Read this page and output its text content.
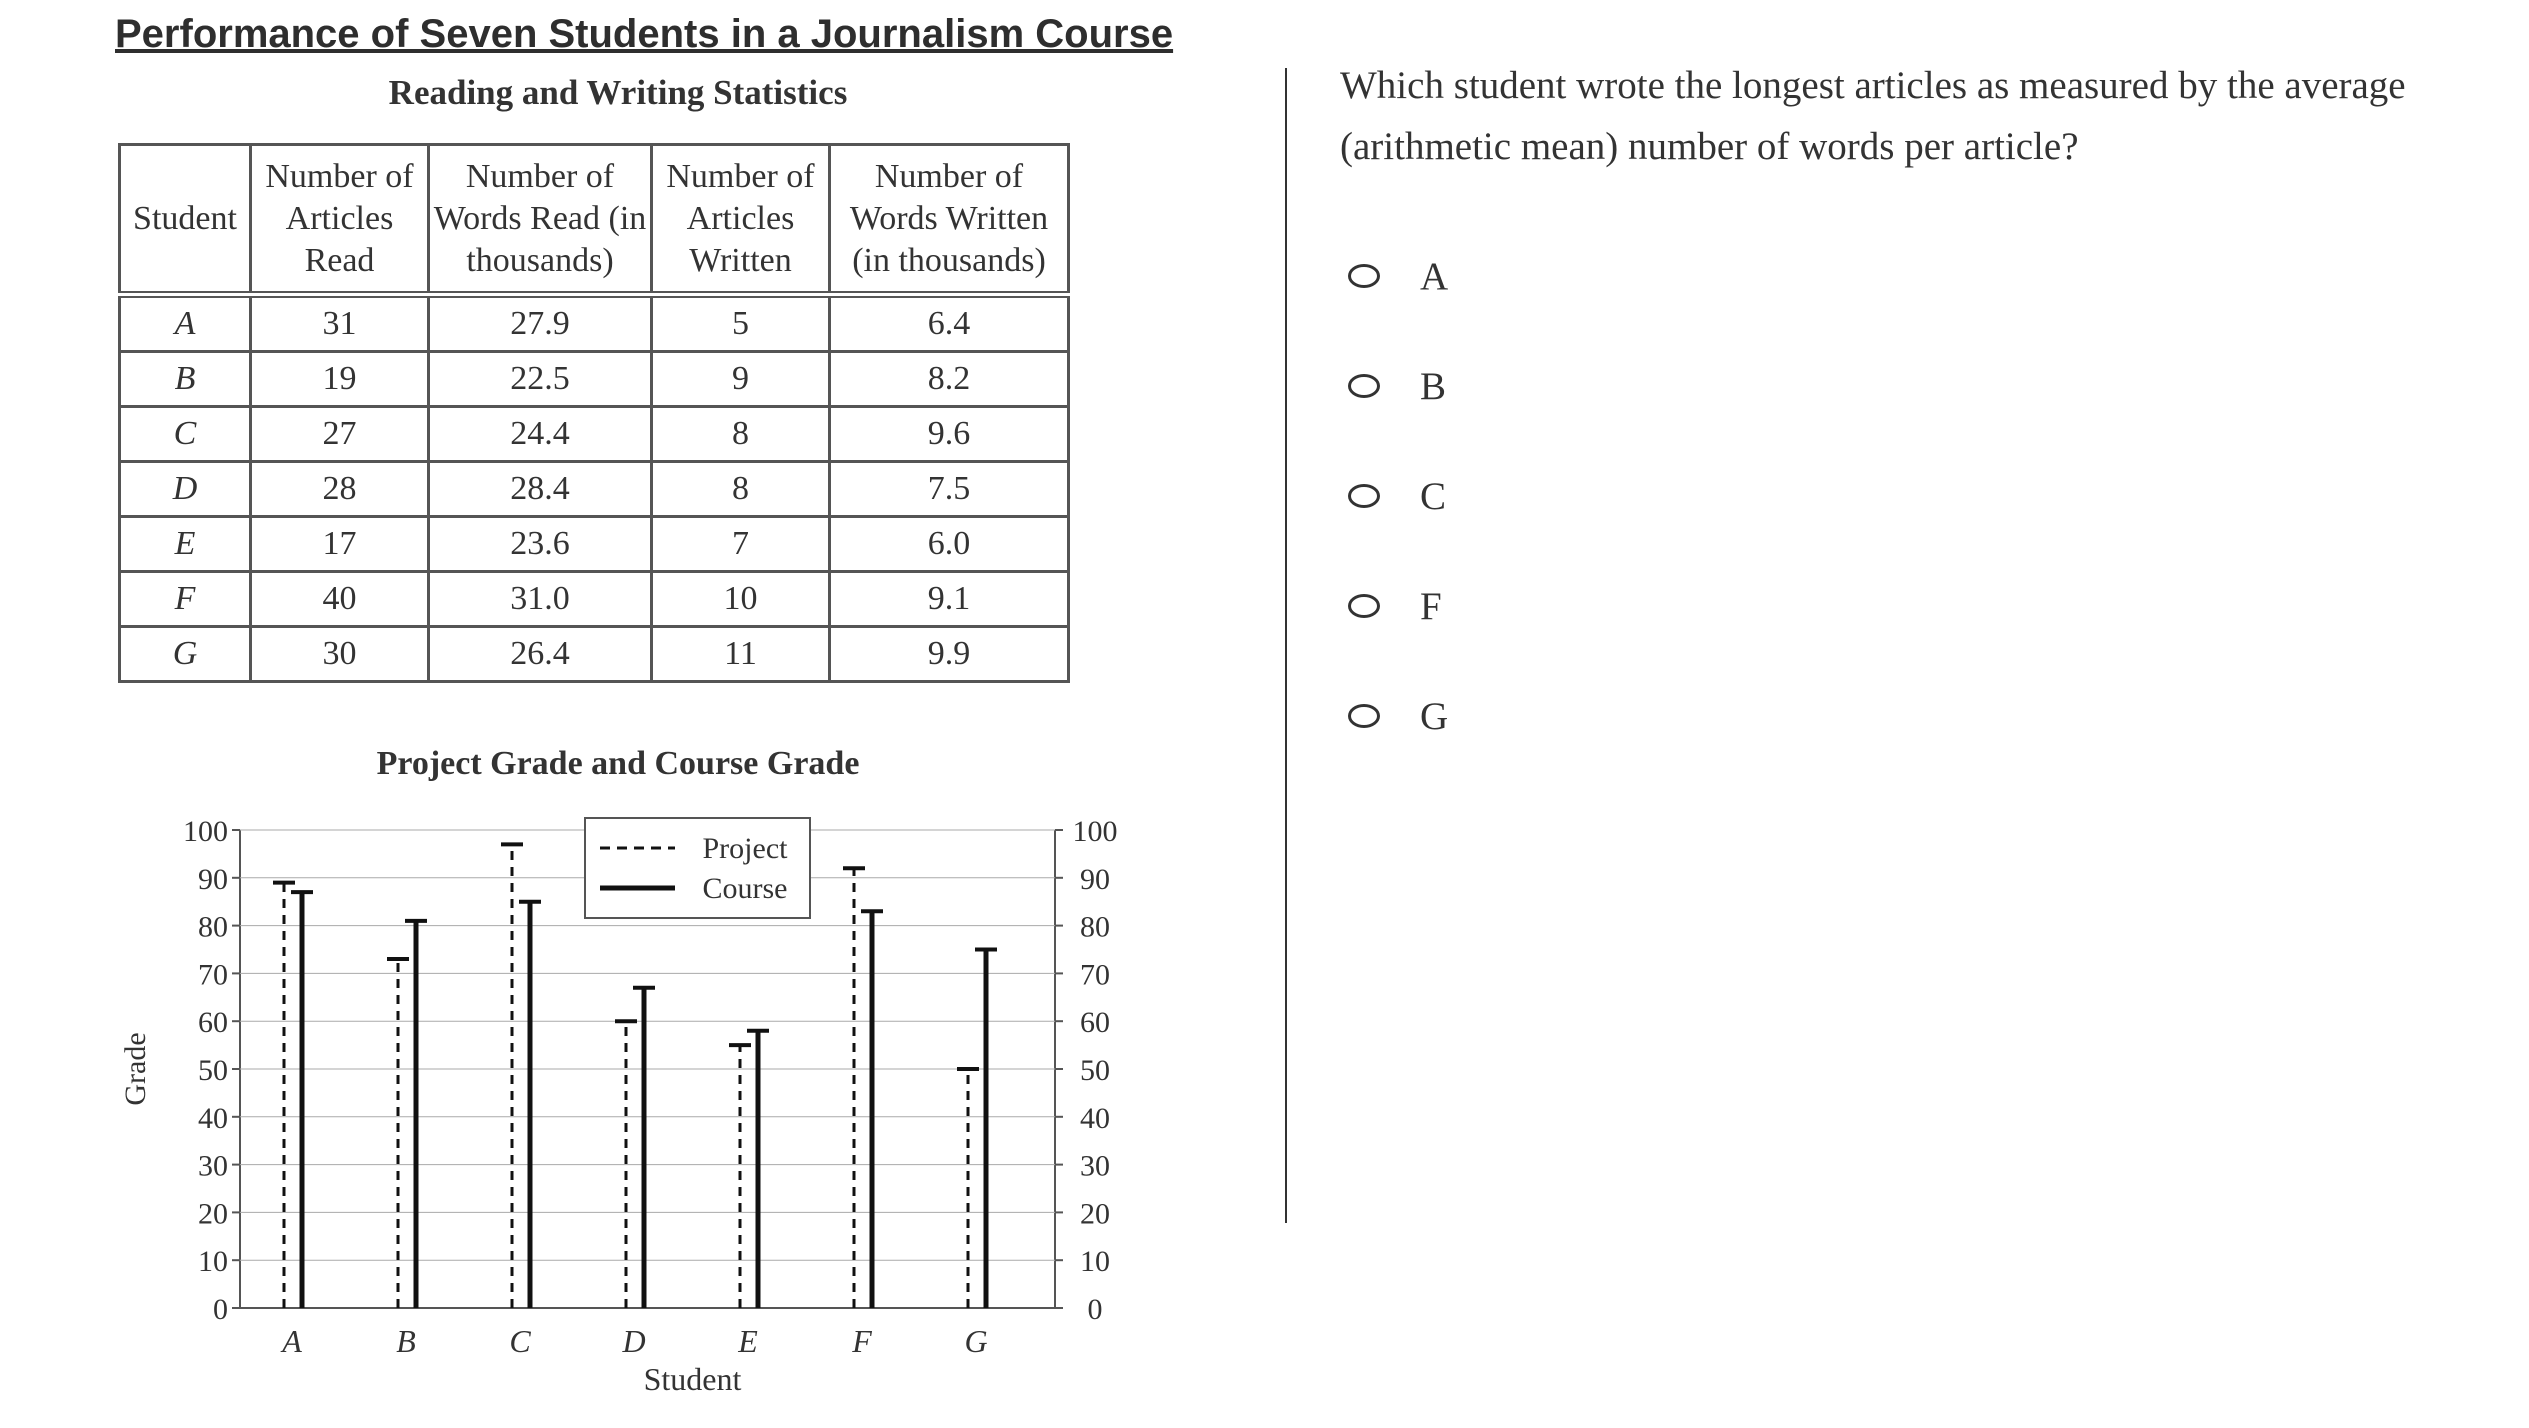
Performance of Seven Students in a Journalism Course
Reading and Writing Statistics
Student	Number of Articles Read	Number of Words Read (in thousands)	Number of Articles Written	Number of Words Written (in thousands)
A	31	27.9	5	6.4
B	19	22.5	9	8.2
C	27	24.4	8	9.6
D	28	28.4	8	7.5
E	17	23.6	7	6.0
F	40	31.0	10	9.1
G	30	26.4	11	9.9
Project Grade and Course Grade
0	0
10	10
20	20
30	30
40	40
50	50
60	60
70	70
80	80
90	90
100	100
Grade
Student
A	B	C	D	E	F	G
Project
Course

Which student wrote the longest articles as measured by the average (arithmetic mean) number of words per article?

A
B
C
F
G
